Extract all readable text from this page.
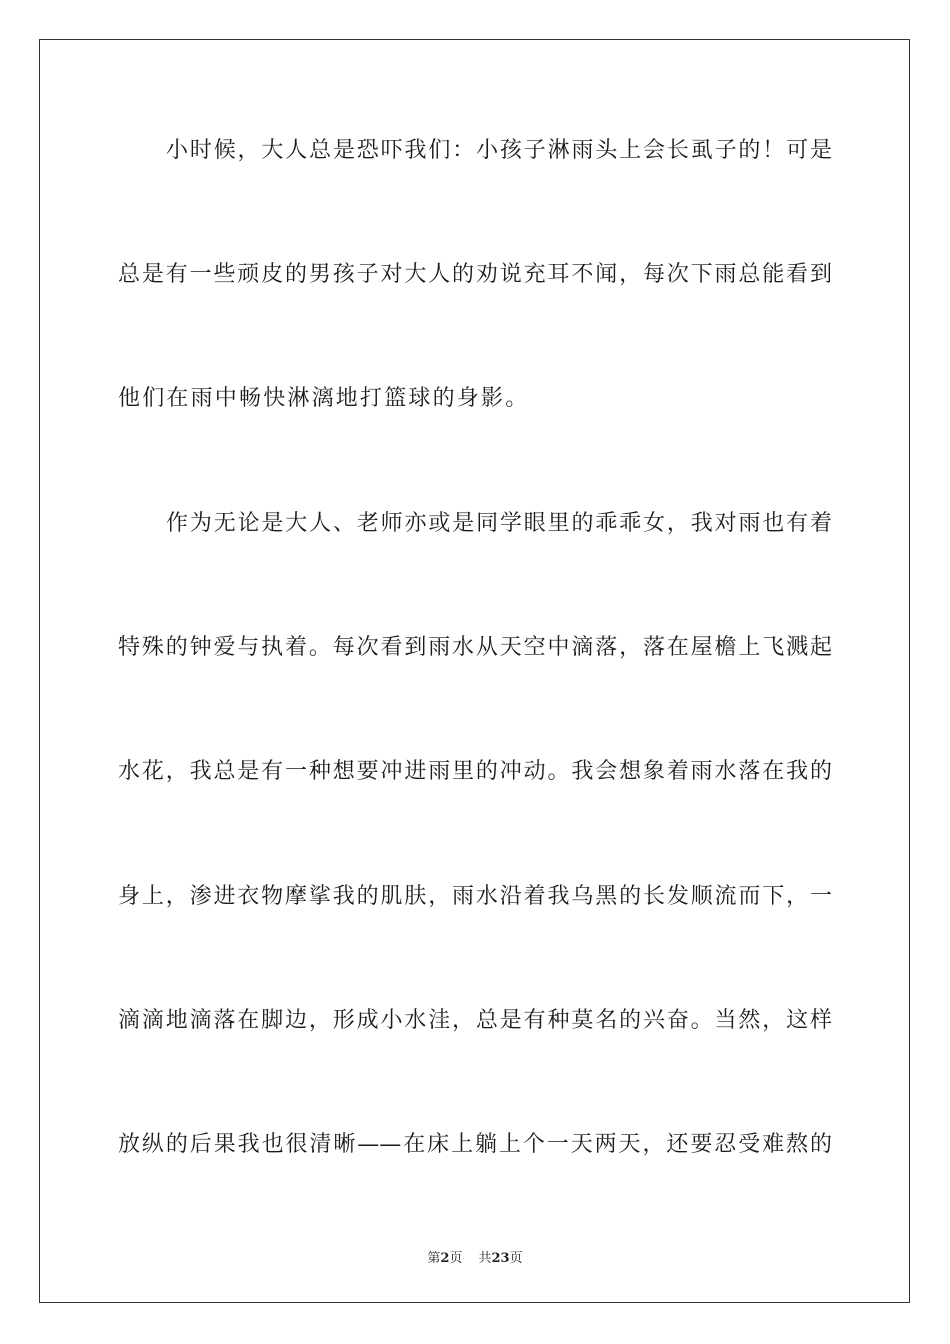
小时候，大人总是恐吓我们：小孩子淋雨头上会长虱子的！可是
总是有一些顽皮的男孩子对大人的劝说充耳不闻，每次下雨总能看到
他们在雨中畅快淋漓地打篮球的身影。
作为无论是大人、老师亦或是同学眼里的乖乖女，我对雨也有着
特殊的钟爱与执着。每次看到雨水从天空中滴落，落在屋檐上飞溅起
水花，我总是有一种想要冲进雨里的冲动。我会想象着雨水落在我的
身上，渗进衣物摩挲我的肌肤，雨水沿着我乌黑的长发顺流而下，一
滴滴地滴落在脚边，形成小水洼，总是有种莫名的兴奋。当然，这样
放纵的后果我也很清晰——在床上躺上个一天两天，还要忍受难熬的
第2页 共23页
